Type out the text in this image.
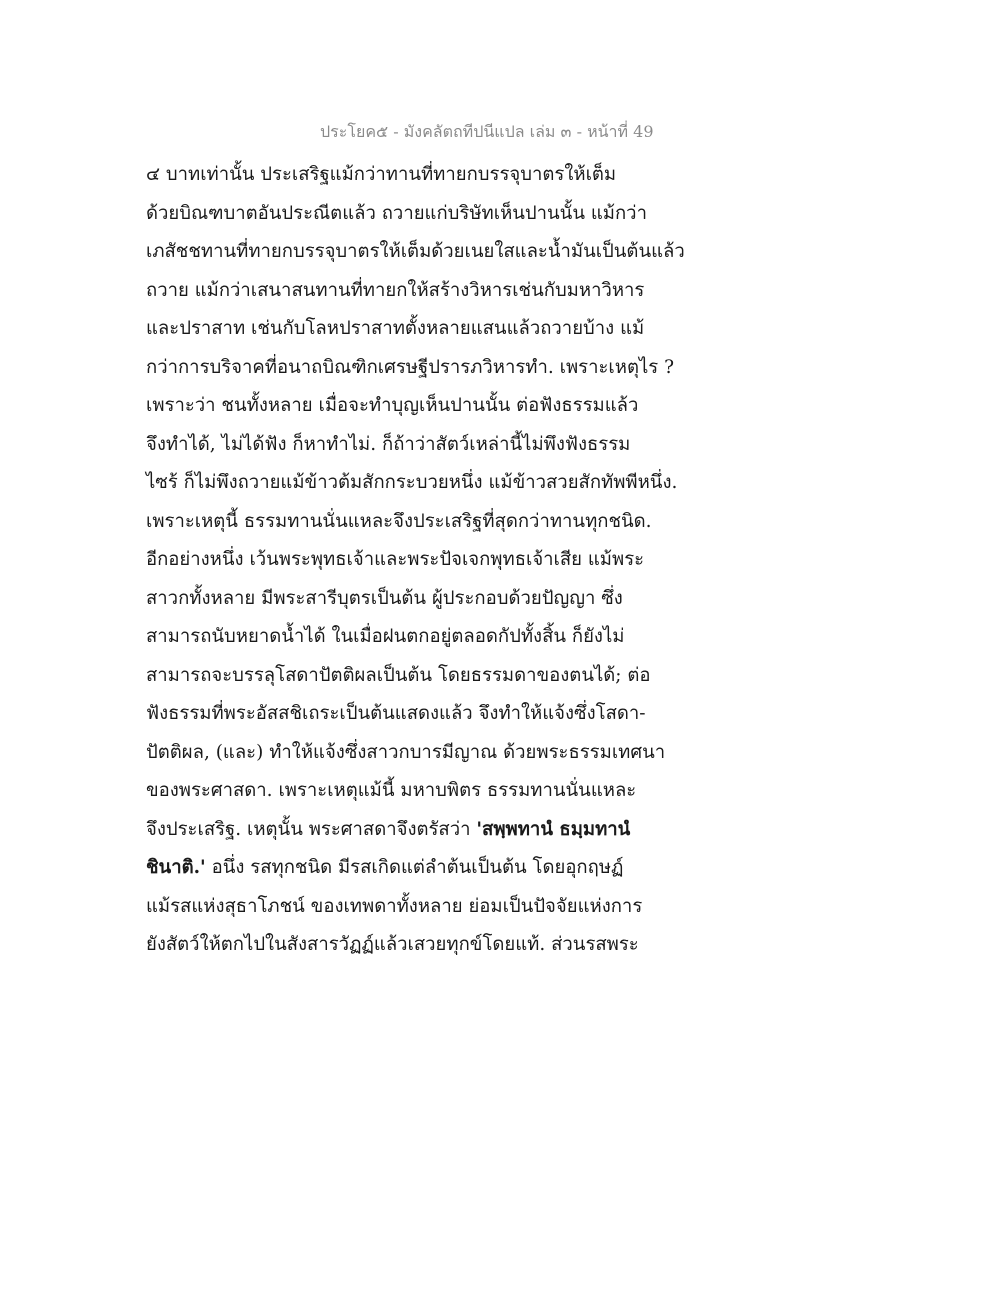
ประโยค๕ - มังคลัตถทีปนีแปล เล่ม ๓ - หน้าที่ 49
๔ บาทเท่านั้น ประเสริฐแม้กว่าทานที่ทายกบรรจุบาตรให้เต็ม
ด้วยบิณฑบาตอันประณีตแล้ว ถวายแก่บริษัทเห็นปานนั้น แม้กว่า
เภสัชชทานที่ทายกบรรจุบาตรให้เต็มด้วยเนยใสและน้ำมันเป็นต้นแล้ว
ถวาย แม้กว่าเสนาสนทานที่ทายกให้สร้างวิหารเช่นกับมหาวิหาร
และปราสาท เช่นกับโลหปราสาทตั้งหลายแสนแล้วถวายบ้าง แม้
กว่าการบริจาคที่อนาถบิณฑิกเศรษฐีปรารภวิหารทำ. เพราะเหตุไร ?
เพราะว่า ชนทั้งหลาย เมื่อจะทำบุญเห็นปานนั้น ต่อฟังธรรมแล้ว
จึงทำได้, ไม่ได้ฟัง ก็หาทำไม่. ก็ถ้าว่าสัตว์เหล่านี้ไม่พึงฟังธรรม
ไซร้ ก็ไม่พึงถวายแม้ข้าวต้มสักกระบวยหนึ่ง แม้ข้าวสวยสักทัพพีหนึ่ง.
เพราะเหตุนี้ ธรรมทานนั่นแหละจึงประเสริฐที่สุดกว่าทานทุกชนิด.
อีกอย่างหนึ่ง เว้นพระพุทธเจ้าและพระปัจเจกพุทธเจ้าเสีย แม้พระ
สาวกทั้งหลาย มีพระสารีบุตรเป็นต้น ผู้ประกอบด้วยปัญญา ซึ่ง
สามารถนับหยาดน้ำได้ ในเมื่อฝนตกอยู่ตลอดกัปทั้งสิ้น ก็ยังไม่
สามารถจะบรรลุโสดาปัตติผลเป็นต้น โดยธรรมดาของตนได้; ต่อ
ฟังธรรมที่พระอัสสชิเถระเป็นต้นแสดงแล้ว จึงทำให้แจ้งซึ่งโสดา-
ปัตติผล, (และ) ทำให้แจ้งซึ่งสาวกบารมีญาณ ด้วยพระธรรมเทศนา
ของพระศาสดา. เพราะเหตุแม้นี้ มหาบพิตร ธรรมทานนั่นแหละ
จึงประเสริฐ. เหตุนั้น พระศาสดาจึงตรัสว่า 'สพฺพทานํ ธมฺมทานํ
ชินาติ.' อนึ่ง รสทุกชนิด มีรสเกิดแต่ลำต้นเป็นต้น โดยอุกฤษฏ์
แม้รสแห่งสุธาโภชน์ ของเทพดาทั้งหลาย ย่อมเป็นปัจจัยแห่งการ
ยังสัตว์ให้ตกไปในสังสารวัฏฏ์แล้วเสวยทุกข์โดยแท้. ส่วนรสพระ
